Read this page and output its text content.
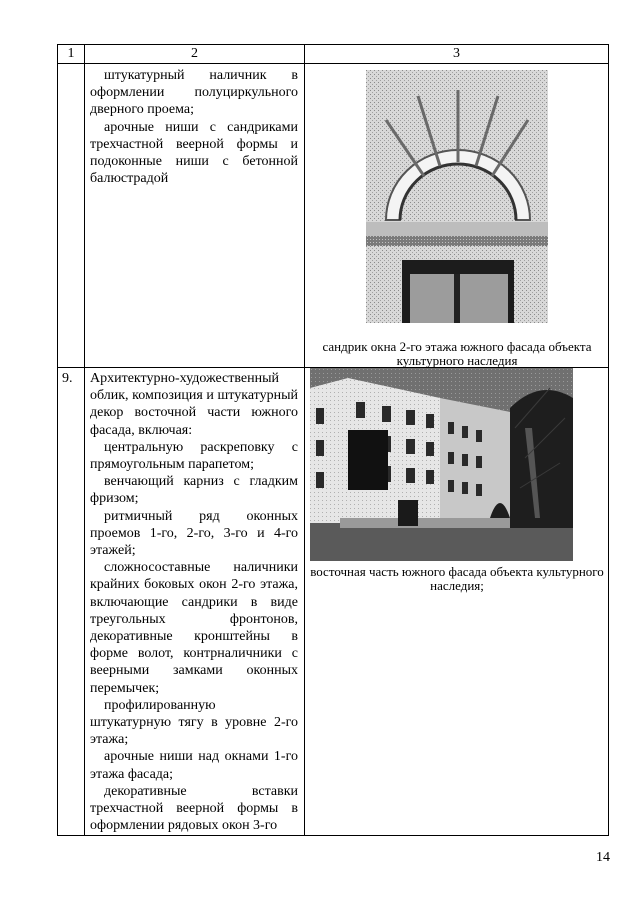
1	2	3

штукатурный наличник в оформлении полуциркульного дверного проема;

арочные ниши с сандриками трехчастной веерной формы и подоконные ниши с бетонной балюстрадой

сандрик окна 2-го этажа южного фасада объекта культурного наследия
9. Архитектурно-художественный облик, композиция и штукатурный декор восточной части южного фасада, включая:

центральную раскреповку с прямоугольным парапетом;

венчающий карниз с гладким фризом;

ритмичный ряд оконных проемов 1-го, 2-го, 3-го и 4-го этажей;

сложносоставные наличники крайних боковых окон 2-го этажа, включающие сандрики в виде треугольных фронтонов, декоративные кронштейны в форме волот, контрналичники с веерными замками оконных перемычек;

профилированную штукатурную тягу в уровне 2-го этажа;

арочные ниши над окнами 1-го этажа фасада;

декоративные вставки трехчастной веерной формы в оформлении рядовых окон 3-го

восточная часть южного фасада объекта культурного наследия;
14
